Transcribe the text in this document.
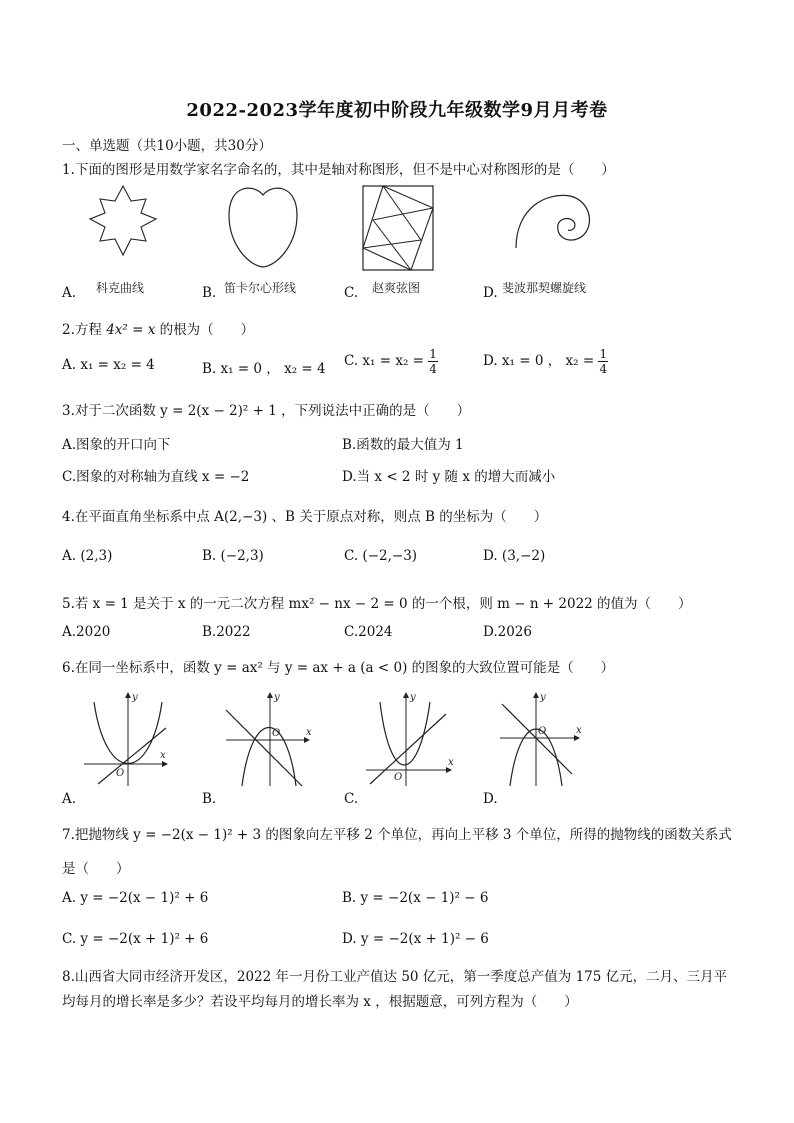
2022-2023学年度初中阶段九年级数学9月月考卷
一、单选题（共10小题，共30分）
1.下面的图形是用数学家名字命名的，其中是轴对称图形，但不是中心对称图形的是（　　）
A. 科克曲线	B. 笛卡尔心形线	C. 赵爽弦图	D. 斐波那契螺旋线
2.方程 4x² = x 的根为（　　）
A. x₁ = x₂ = 4	B. x₁ = 0 ， x₂ = 4 C. $x_1 = x_2 = \frac{1}{4}$	D. x₁ = 0 ， $x_2 = \frac{1}{4}$
3.对于二次函数 y = 2(x − 2)² + 1 ，下列说法中正确的是（　　）
A.图象的开口向下	B.函数的最大值为 1
C.图象的对称轴为直线 x = −2	D.当 x < 2 时 y 随 x 的增大而减小
4.在平面直角坐标系中点 A(2,−3) 、B 关于原点对称，则点 B 的坐标为（　　）
A. (2,3)	B. (−2,3)	C. (−2,−3)	D. (3,−2)
5.若 x = 1 是关于 x 的一元二次方程 mx² − nx − 2 = 0 的一个根，则 m − n + 2022 的值为（　　）
A.2020	B.2022	C.2024	D.2026
6.在同一坐标系中，函数 y = ax² 与 y = ax + a (a < 0) 的图象的大致位置可能是（　　）
y
x
O
y
x
O
y
x
O
y
x
O
A.	B.	C.	D.
7.把抛物线 y = −2(x − 1)² + 3 的图象向左平移 2 个单位，再向上平移 3 个单位，所得的抛物线的函数关系式
是（　　）
A. y = −2(x − 1)² + 6	B. y = −2(x − 1)² − 6
C. y = −2(x + 1)² + 6	D. y = −2(x + 1)² − 6
8.山西省大同市经济开发区，2022 年一月份工业产值达 50 亿元，第一季度总产值为 175 亿元，二月、三月平
均每月的增长率是多少？若设平均每月的增长率为 x ，根据题意，可列方程为（　　）
